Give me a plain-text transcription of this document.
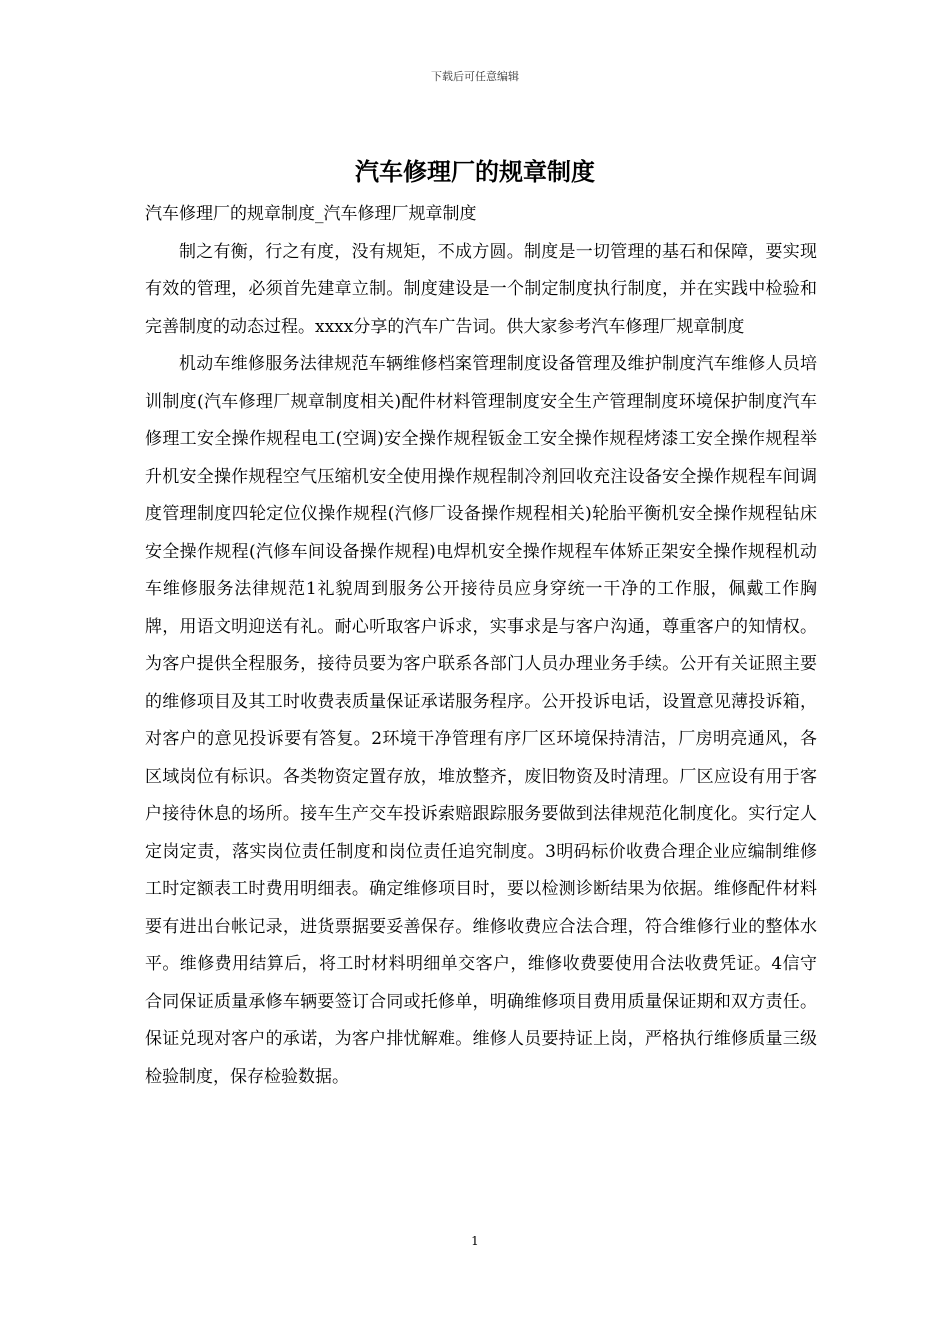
下载后可任意编辑
汽车修理厂的规章制度

汽车修理厂的规章制度_汽车修理厂规章制度

制之有衡，行之有度，没有规矩，不成方圆。制度是一切管理的基石和保障，要实现有效的管理，必须首先建章立制。制度建设是一个制定制度执行制度，并在实践中检验和完善制度的动态过程。xxxx分享的汽车广告词。供大家参考汽车修理厂规章制度

机动车维修服务法律规范车辆维修档案管理制度设备管理及维护制度汽车维修人员培训制度(汽车修理厂规章制度相关)配件材料管理制度安全生产管理制度环境保护制度汽车修理工安全操作规程电工(空调)安全操作规程钣金工安全操作规程烤漆工安全操作规程举升机安全操作规程空气压缩机安全使用操作规程制冷剂回收充注设备安全操作规程车间调度管理制度四轮定位仪操作规程(汽修厂设备操作规程相关)轮胎平衡机安全操作规程钻床安全操作规程(汽修车间设备操作规程)电焊机安全操作规程车体矫正架安全操作规程机动车维修服务法律规范1礼貌周到服务公开接待员应身穿统一干净的工作服，佩戴工作胸牌，用语文明迎送有礼。耐心听取客户诉求，实事求是与客户沟通，尊重客户的知情权。为客户提供全程服务，接待员要为客户联系各部门人员办理业务手续。公开有关证照主要的维修项目及其工时收费表质量保证承诺服务程序。公开投诉电话，设置意见薄投诉箱，对客户的意见投诉要有答复。2环境干净管理有序厂区环境保持清洁，厂房明亮通风，各区域岗位有标识。各类物资定置存放，堆放整齐，废旧物资及时清理。厂区应设有用于客户接待休息的场所。接车生产交车投诉索赔跟踪服务要做到法律规范化制度化。实行定人定岗定责，落实岗位责任制度和岗位责任追究制度。3明码标价收费合理企业应编制维修工时定额表工时费用明细表。确定维修项目时，要以检测诊断结果为依据。维修配件材料要有进出台帐记录，进货票据要妥善保存。维修收费应合法合理，符合维修行业的整体水平。维修费用结算后，将工时材料明细单交客户，维修收费要使用合法收费凭证。4信守合同保证质量承修车辆要签订合同或托修单，明确维修项目费用质量保证期和双方责任。保证兑现对客户的承诺，为客户排忧解难。维修人员要持证上岗，严格执行维修质量三级检验制度，保存检验数据。

1
